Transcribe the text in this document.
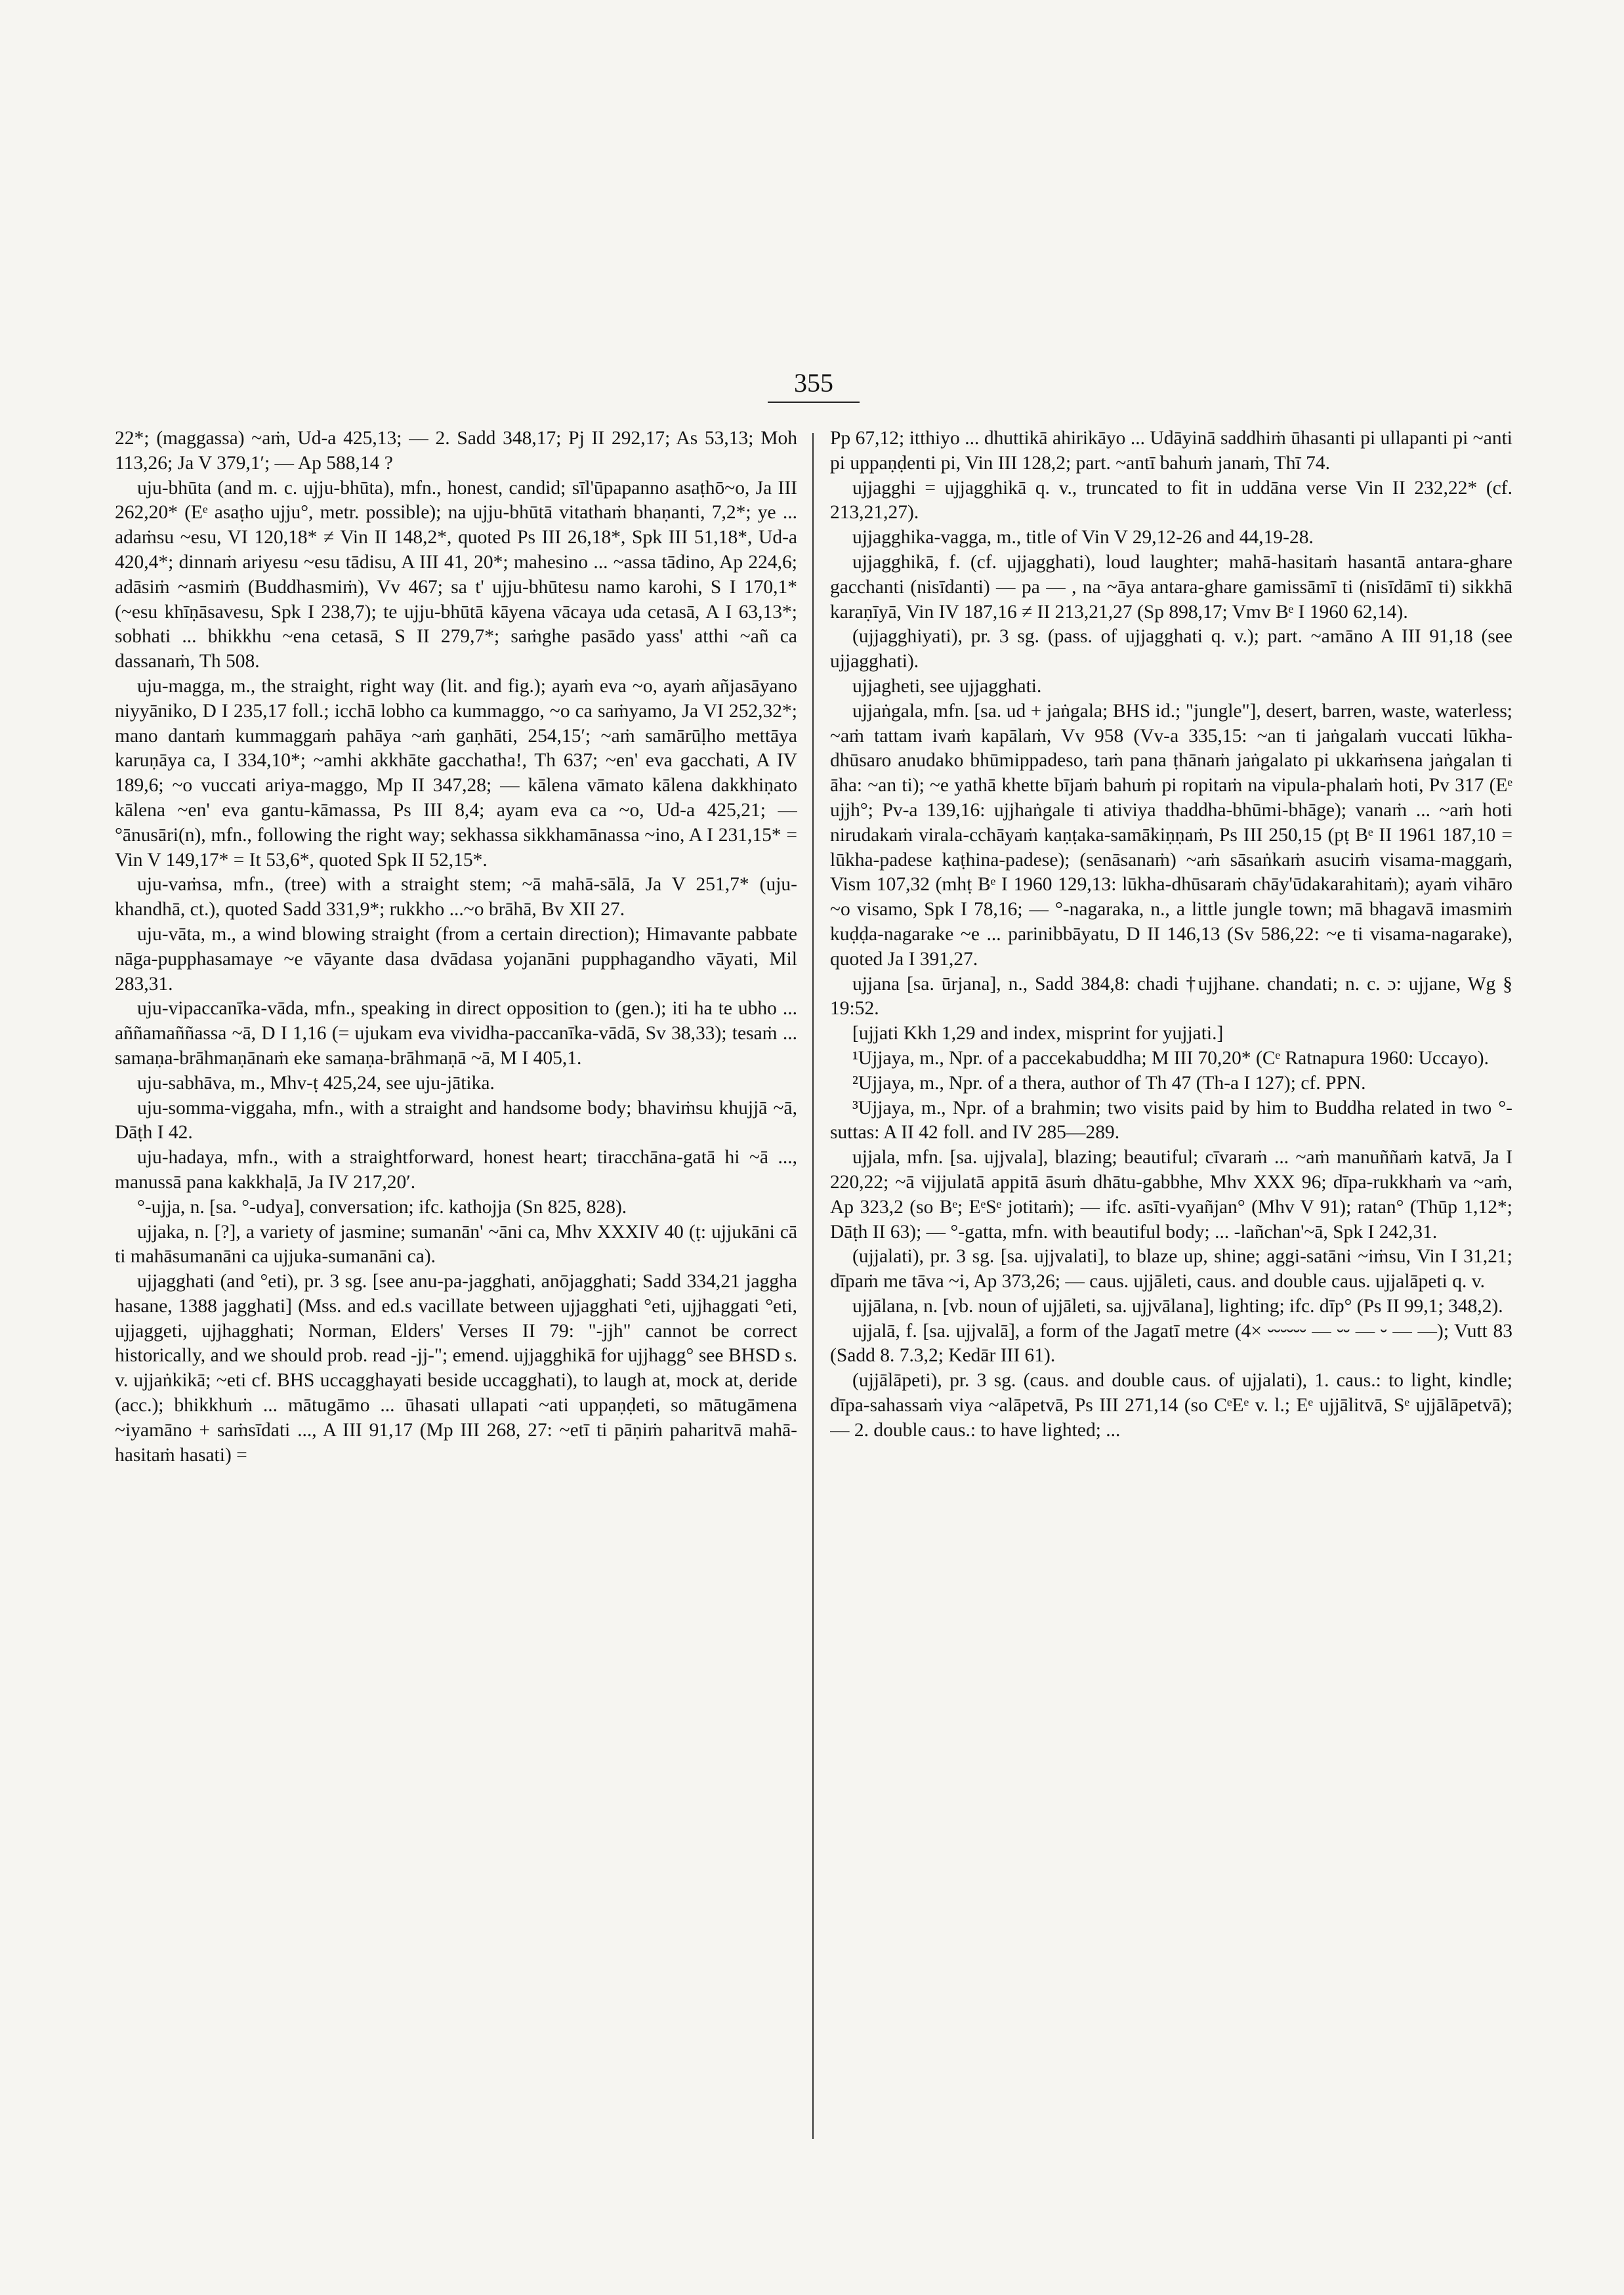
355

22*; (maggassa) ~aṁ, Ud-a 425,13; — 2. Sadd 348,17; Pj II 292,17; As 53,13; Moh 113,26; Ja V 379,1′; — Ap 588,14 ?

uju-bhūta (and m. c. ujju-bhūta), mfn., honest, candid; sīl'ūpapanno asaṭhō~o, Ja III 262,20* (Eᵉ asaṭho ujju°, metr. possible); na ujju-bhūtā vitathaṁ bhaṇanti, 7,2*; ye ... adaṁsu ~esu, VI 120,18* ≠ Vin II 148,2*, quoted Ps III 26,18*, Spk III 51,18*, Ud-a 420,4*; dinnaṁ ariyesu ~esu tādisu, A III 41, 20*; mahesino ... ~assa tādino, Ap 224,6; adāsiṁ ~asmiṁ (Buddhasmiṁ), Vv 467; sa t' ujju-bhūtesu namo karohi, S I 170,1* (~esu khīṇāsavesu, Spk I 238,7); te ujju-bhūtā kāyena vācaya uda cetasā, A I 63,13*; sobhati ... bhikkhu ~ena cetasā, S II 279,7*; saṁghe pasādo yass' atthi ~añ ca dassanaṁ, Th 508.

uju-magga, m., the straight, right way (lit. and fig.); ayaṁ eva ~o, ayaṁ añjasāyano niyyāniko, D I 235,17 foll.; icchā lobho ca kummaggo, ~o ca saṁyamo, Ja VI 252,32*; mano dantaṁ kummaggaṁ pahāya ~aṁ gaṇhāti, 254,15′; ~aṁ samārūḷho mettāya karuṇāya ca, I 334,10*; ~amhi akkhāte gacchatha!, Th 637; ~en' eva gacchati, A IV 189,6; ~o vuccati ariya-maggo, Mp II 347,28; — kālena vāmato kālena dakkhiṇato kālena ~en' eva gantu-kāmassa, Ps III 8,4; ayam eva ca ~o, Ud-a 425,21; — °ānusāri(n), mfn., following the right way; sekhassa sikkhamānassa ~ino, A I 231,15* = Vin V 149,17* = It 53,6*, quoted Spk II 52,15*.

uju-vaṁsa, mfn., (tree) with a straight stem; ~ā mahā-sālā, Ja V 251,7* (uju-khandhā, ct.), quoted Sadd 331,9*; rukkho ...~o brāhā, Bv XII 27.

uju-vāta, m., a wind blowing straight (from a certain direction); Himavante pabbate nāga-pupphasamaye ~e vāyante dasa dvādasa yojanāni pupphagandho vāyati, Mil 283,31.

uju-vipaccanīka-vāda, mfn., speaking in direct opposition to (gen.); iti ha te ubho ... aññamaññassa ~ā, D I 1,16 (= ujukam eva vividha-paccanīka-vādā, Sv 38,33); tesaṁ ... samaṇa-brāhmaṇānaṁ eke samaṇa-brāhmaṇā ~ā, M I 405,1.

uju-sabhāva, m., Mhv-ṭ 425,24, see uju-jātika.

uju-somma-viggaha, mfn., with a straight and handsome body; bhaviṁsu khujjā ~ā, Dāṭh I 42.

uju-hadaya, mfn., with a straightforward, honest heart; tiracchāna-gatā hi ~ā ..., manussā pana kakkhaḷā, Ja IV 217,20′.

°-ujja, n. [sa. °-udya], conversation; ifc. kathojja (Sn 825, 828).

ujjaka, n. [?], a variety of jasmine; sumanān' ~āni ca, Mhv XXXIV 40 (ṭ: ujjukāni cā ti mahāsumanāni ca ujjuka-sumanāni ca).

ujjagghati (and °eti), pr. 3 sg. [see anu-pa-jagghati, anōjagghati; Sadd 334,21 jaggha hasane, 1388 jagghati] (Mss. and ed.s vacillate between ujjagghati °eti, ujjhaggati °eti, ujjaggeti, ujjhagghati; Norman, Elders' Verses II 79: "-jjh" cannot be correct historically, and we should prob. read -jj-"; emend. ujjagghikā for ujjhagg° see BHSD s. v. ujjaṅkikā; ~eti cf. BHS uccagghayati beside uccagghati), to laugh at, mock at, deride (acc.); bhikkhuṁ ... mātugāmo ... ūhasati ullapati ~ati uppaṇḍeti, so mātugāmena ~iyamāno + saṁsīdati ..., A III 91,17 (Mp III 268, 27: ~etī ti pāṇiṁ paharitvā mahā-hasitaṁ hasati) =

Pp 67,12; itthiyo ... dhuttikā ahirikāyo ... Udāyinā saddhiṁ ūhasanti pi ullapanti pi ~anti pi uppaṇḍenti pi, Vin III 128,2; part. ~antī bahuṁ janaṁ, Thī 74.

ujjagghi = ujjagghikā q. v., truncated to fit in uddāna verse Vin II 232,22* (cf. 213,21,27).

ujjagghika-vagga, m., title of Vin V 29,12-26 and 44,19-28.

ujjagghikā, f. (cf. ujjagghati), loud laughter; mahā-hasitaṁ hasantā antara-ghare gacchanti (nisīdanti) — pa — , na ~āya antara-ghare gamissāmī ti (nisīdāmī ti) sikkhā karaṇīyā, Vin IV 187,16 ≠ II 213,21,27 (Sp 898,17; Vmv Bᵉ I 1960 62,14).

(ujjagghiyati), pr. 3 sg. (pass. of ujjagghati q. v.); part. ~amāno A III 91,18 (see ujjagghati).

ujjagheti, see ujjagghati.

ujjaṅgala, mfn. [sa. ud + jaṅgala; BHS id.; "jungle"], desert, barren, waste, waterless; ~aṁ tattam ivaṁ kapālaṁ, Vv 958 (Vv-a 335,15: ~an ti jaṅgalaṁ vuccati lūkha-dhūsaro anudako bhūmippadeso, taṁ pana ṭhānaṁ jaṅgalato pi ukkaṁsena jaṅgalan ti āha: ~an ti); ~e yathā khette bījaṁ bahuṁ pi ropitaṁ na vipula-phalaṁ hoti, Pv 317 (Eᵉ ujjh°; Pv-a 139,16: ujjhaṅgale ti ativiya thaddha-bhūmi-bhāge); vanaṁ ... ~aṁ hoti nirudakaṁ virala-cchāyaṁ kaṇṭaka-samākiṇṇaṁ, Ps III 250,15 (pṭ Bᵉ II 1961 187,10 = lūkha-padese kaṭhina-padese); (senāsanaṁ) ~aṁ sāsaṅkaṁ asuciṁ visama-maggaṁ, Vism 107,32 (mhṭ Bᵉ I 1960 129,13: lūkha-dhūsaraṁ chāy'ūdakarahitaṁ); ayaṁ vihāro ~o visamo, Spk I 78,16; — °-nagaraka, n., a little jungle town; mā bhagavā imasmiṁ kuḍḍa-nagarake ~e ... parinibbāyatu, D II 146,13 (Sv 586,22: ~e ti visama-nagarake), quoted Ja I 391,27.

ujjana [sa. ūrjana], n., Sadd 384,8: chadi †ujjhane. chandati; n. c. ɔ: ujjane, Wg § 19:52.

[ujjati Kkh 1,29 and index, misprint for yujjati.]

¹Ujjaya, m., Npr. of a paccekabuddha; M III 70,20* (Cᵉ Ratnapura 1960: Uccayo).

²Ujjaya, m., Npr. of a thera, author of Th 47 (Th-a I 127); cf. PPN.

³Ujjaya, m., Npr. of a brahmin; two visits paid by him to Buddha related in two °-suttas: A II 42 foll. and IV 285—289.

ujjala, mfn. [sa. ujjvala], blazing; beautiful; cīvaraṁ ... ~aṁ manuññaṁ katvā, Ja I 220,22; ~ā vijjulatā appitā āsuṁ dhātu-gabbhe, Mhv XXX 96; dīpa-rukkhaṁ va ~aṁ, Ap 323,2 (so Bᵉ; EᵉSᵉ jotitaṁ); — ifc. asīti-vyañjan° (Mhv V 91); ratan° (Thūp 1,12*; Dāṭh II 63); — °-gatta, mfn. with beautiful body; ... -lañchan'~ā, Spk I 242,31.

(ujjalati), pr. 3 sg. [sa. ujjvalati], to blaze up, shine; aggi-satāni ~iṁsu, Vin I 31,21; dīpaṁ me tāva ~i, Ap 373,26; — caus. ujjāleti, caus. and double caus. ujjalāpeti q. v.

ujjālana, n. [vb. noun of ujjāleti, sa. ujjvālana], lighting; ifc. dīp° (Ps II 99,1; 348,2).

ujjalā, f. [sa. ujjvalā], a form of the Jagatī metre (4× ⏑⏑⏑⏑⏑⏑ — ⏑⏑ — ⏑ — —); Vutt 83 (Sadd 8. 7.3,2; Kedār III 61).

(ujjālāpeti), pr. 3 sg. (caus. and double caus. of ujjalati), 1. caus.: to light, kindle; dīpa-sahassaṁ viya ~alāpetvā, Ps III 271,14 (so CᵉEᵉ v. l.; Eᵉ ujjālitvā, Sᵉ ujjālāpetvā); — 2. double caus.: to have lighted; ...
